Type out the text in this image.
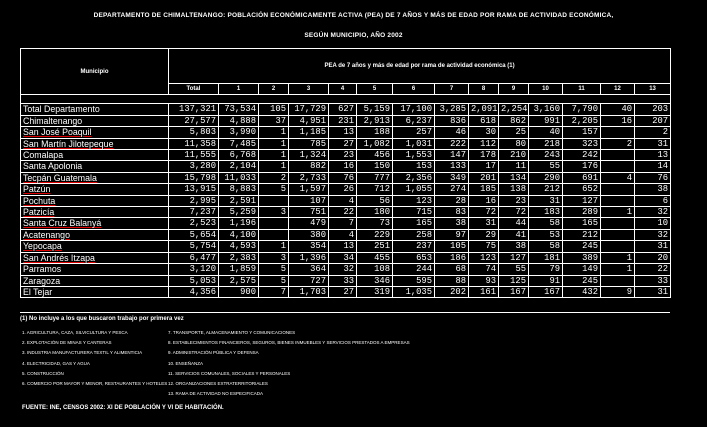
DEPARTAMENTO DE CHIMALTENANGO: POBLACIÓN ECONÓMICAMENTE ACTIVA (PEA) DE 7 AÑOS Y MÁS DE EDAD POR RAMA DE ACTIVIDAD ECONÓMICA,
SEGÚN MUNICIPIO, AÑO 2002
Municipio	PEA de 7 años y más de edad por rama de actividad económica (1)													
	Total	1	2	3	4	5	6	7	8	9	10	11	12	13

Total Departamento	137,321	73,534	105	17,729	627	5,159	17,100	3,285	2,091	2,254	3,160	7,790	40	203
Chimaltenango	27,577	4,888	37	4,951	231	2,913	6,237	836	618	862	991	2,205	16	207
San José Poaquil	5,803	3,990	1	1,185	13	188	257	46	30	25	40	157		2
San Martín Jilotepeque	11,358	7,485	1	785	27	1,082	1,031	222	112	80	218	323	2	31
Comalapa	11,555	6,768	1	1,324	23	456	1,553	147	178	210	243	242		13
Santa Apolonia	3,280	2,104	1	882	16	150	153	133	17	11	55	176		14
Tecpán Guatemala	15,798	11,033	2	2,733	76	777	2,356	349	201	134	290	691	4	76
Patzún	13,915	8,883	5	1,597	26	712	1,055	274	185	138	212	652		38
Pochuta	2,995	2,591		107	4	56	123	28	16	23	31	127		6
Patzicía	7,237	5,259	3	751	22	180	715	83	72	72	183	289	1	32
Santa Cruz Balanyá	2,523	1,196		479	7	73	165	38	31	44	58	165		10
Acatenango	5,654	4,100		380	4	229	258	97	29	41	53	212		32
Yepocapa	5,754	4,593	1	354	13	251	237	105	75	38	58	245		31
San Andrés Itzapa	6,477	2,383	3	1,396	34	455	653	186	123	127	181	389	1	20
Parramos	3,120	1,859	5	364	32	108	244	68	74	55	79	149	1	22
Zaragoza	5,053	2,575	5	727	33	346	595	88	93	125	91	245		33
El Tejar	4,356	900	7	1,703	27	319	1,035	202	161	167	167	432	9	31
(1) No incluye a los que buscaron trabajo por primera vez
1. AGRICULTURA, CAZA, SILVICULTURA Y PESCA
2. EXPLOTACIÓN DE MINAS Y CANTERAS
3. INDUSTRIA MANUFACTURERA TEXTIL Y ALIMENTICIA
4. ELECTRICIDAD, GAS Y AGUA
5. CONSTRUCCIÓN
6. COMERCIO POR MAYOR Y MENOR, RESTAURANTES Y HOTELES
7. TRANSPORTE, ALMACENAMIENTO Y COMUNICACIONES
8. ESTABLECIMIENTOS FINANCIEROS, SEGUROS, BIENES INMUEBLES Y SERVICIOS PRESTADOS A EMPRESAS
9. ADMINISTRACIÓN PÚBLICA Y DEFENSA
10. ENSEÑANZA
11. SERVICIOS COMUNALES, SOCIALES Y PERSONALES
12. ORGANIZACIONES EXTRATERRITORIALES
13. RAMA DE ACTIVIDAD NO ESPECIFICADA
FUENTE: INE, CENSOS 2002: XI DE POBLACIÓN Y VI DE HABITACIÓN.
